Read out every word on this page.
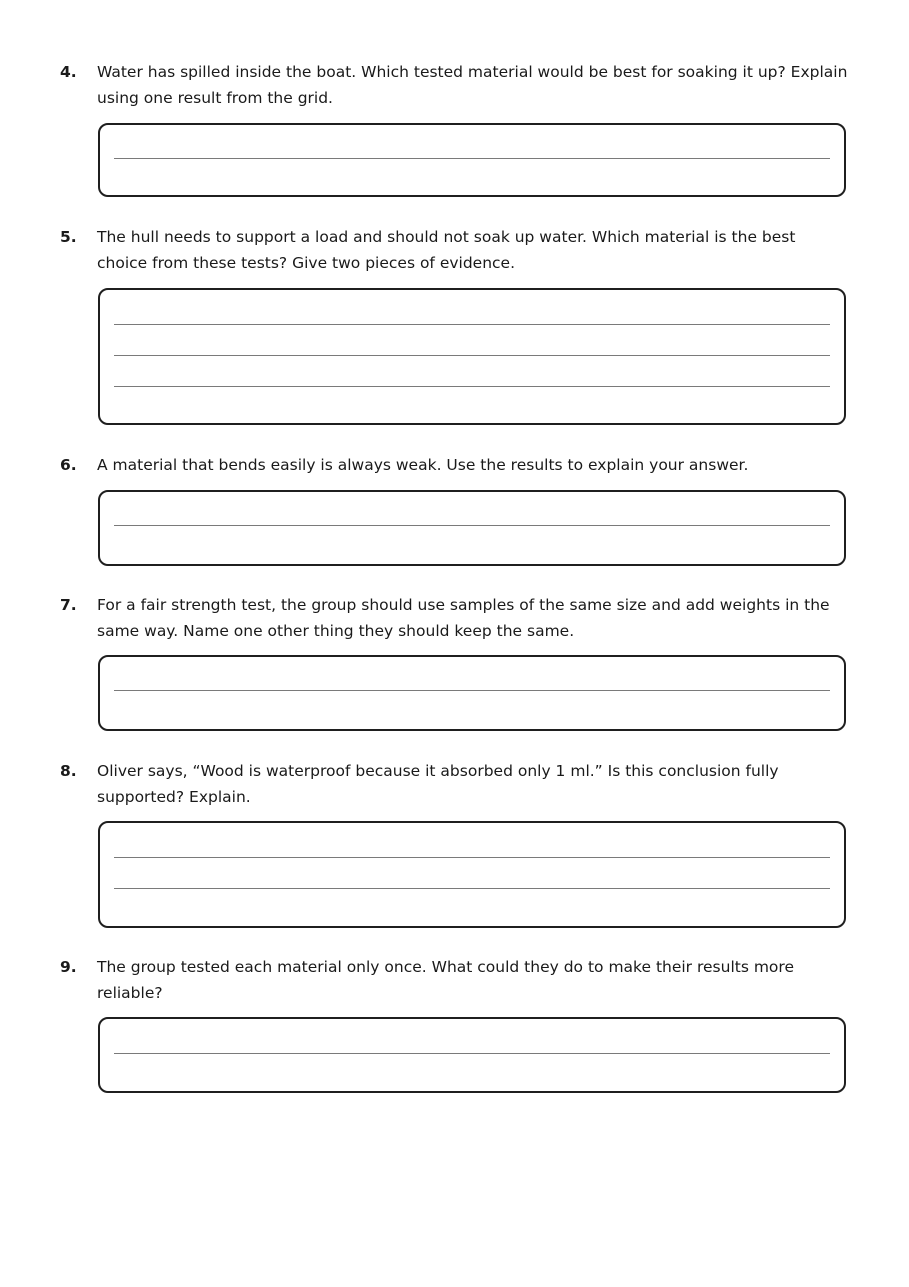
4. Water has spilled inside the boat. Which tested material would be best for soaking it up? Explain using one result from the grid.
5. The hull needs to support a load and should not soak up water. Which material is the best choice from these tests? Give two pieces of evidence.
6. A material that bends easily is always weak. Use the results to explain your answer.
7. For a fair strength test, the group should use samples of the same size and add weights in the same way. Name one other thing they should keep the same.
8. Oliver says, “Wood is waterproof because it absorbed only 1 ml.” Is this conclusion fully supported? Explain.
9. The group tested each material only once. What could they do to make their results more reliable?
